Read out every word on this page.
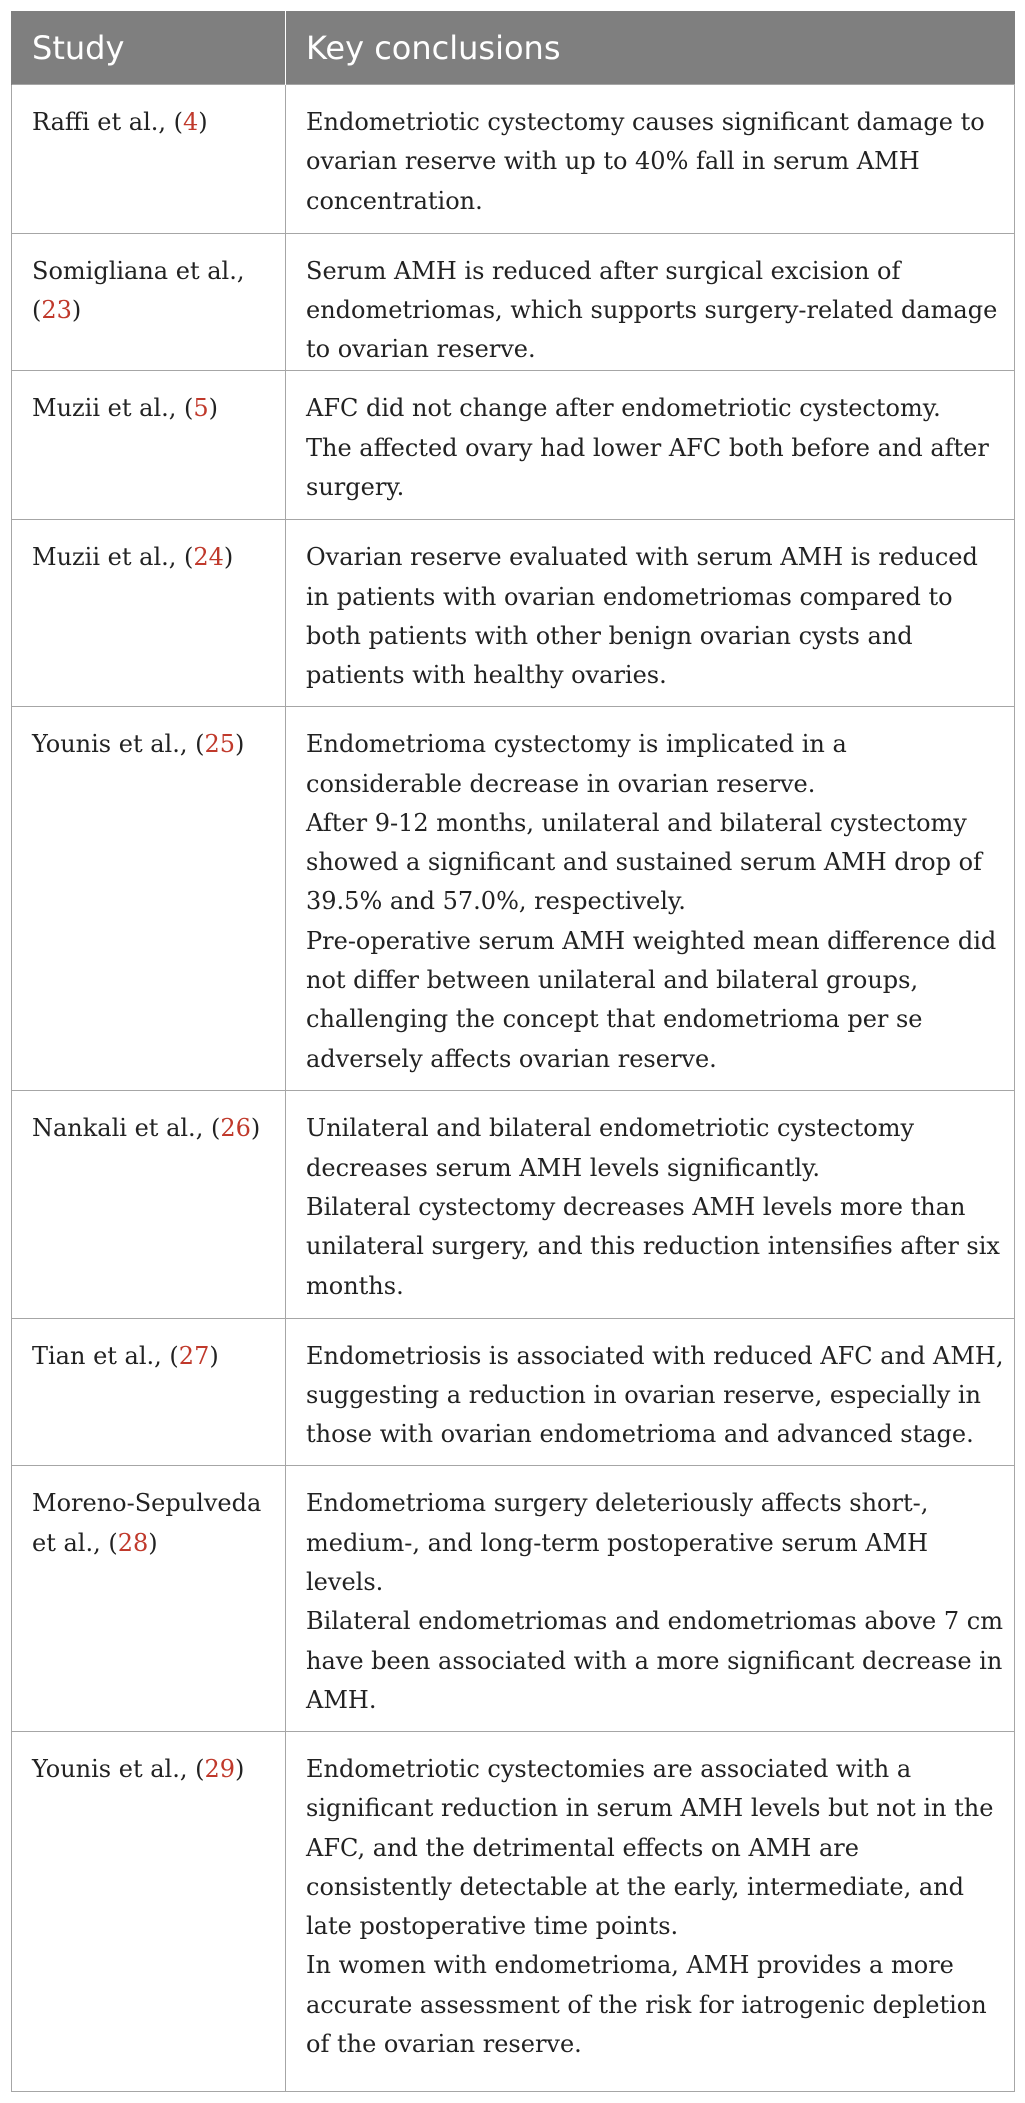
Study	Key conclusions
Raffi et al., (4)	Endometriotic cystectomy causes significant damage to ovarian reserve with up to 40% fall in serum AMH concentration.

Somigliana et al., (23)	Serum AMH is reduced after surgical excision of endometriomas, which supports surgery-related damage to ovarian reserve.

Muzii et al., (5)	AFC did not change after endometriotic cystectomy.
The affected ovary had lower AFC both before and after surgery.

Muzii et al., (24)	Ovarian reserve evaluated with serum AMH is reduced in patients with ovarian endometriomas compared to both patients with other benign ovarian cysts and patients with healthy ovaries.

Younis et al., (25)	Endometrioma cystectomy is implicated in a considerable decrease in ovarian reserve.
After 9-12 months, unilateral and bilateral cystectomy showed a significant and sustained serum AMH drop of 39.5% and 57.0%, respectively.
Pre-operative serum AMH weighted mean difference did not differ between unilateral and bilateral groups, challenging the concept that endometrioma per se adversely affects ovarian reserve.

Nankali et al., (26)	Unilateral and bilateral endometriotic cystectomy decreases serum AMH levels significantly.
Bilateral cystectomy decreases AMH levels more than unilateral surgery, and this reduction intensifies after six months.

Tian et al., (27)	Endometriosis is associated with reduced AFC and AMH, suggesting a reduction in ovarian reserve, especially in those with ovarian endometrioma and advanced stage.

Moreno-Sepulveda et al., (28)	Endometrioma surgery deleteriously affects short-, medium-, and long-term postoperative serum AMH levels.
Bilateral endometriomas and endometriomas above 7 cm have been associated with a more significant decrease in AMH.

Younis et al., (29)	Endometriotic cystectomies are associated with a significant reduction in serum AMH levels but not in the AFC, and the detrimental effects on AMH are consistently detectable at the early, intermediate, and late postoperative time points.
In women with endometrioma, AMH provides a more accurate assessment of the risk for iatrogenic depletion of the ovarian reserve.
